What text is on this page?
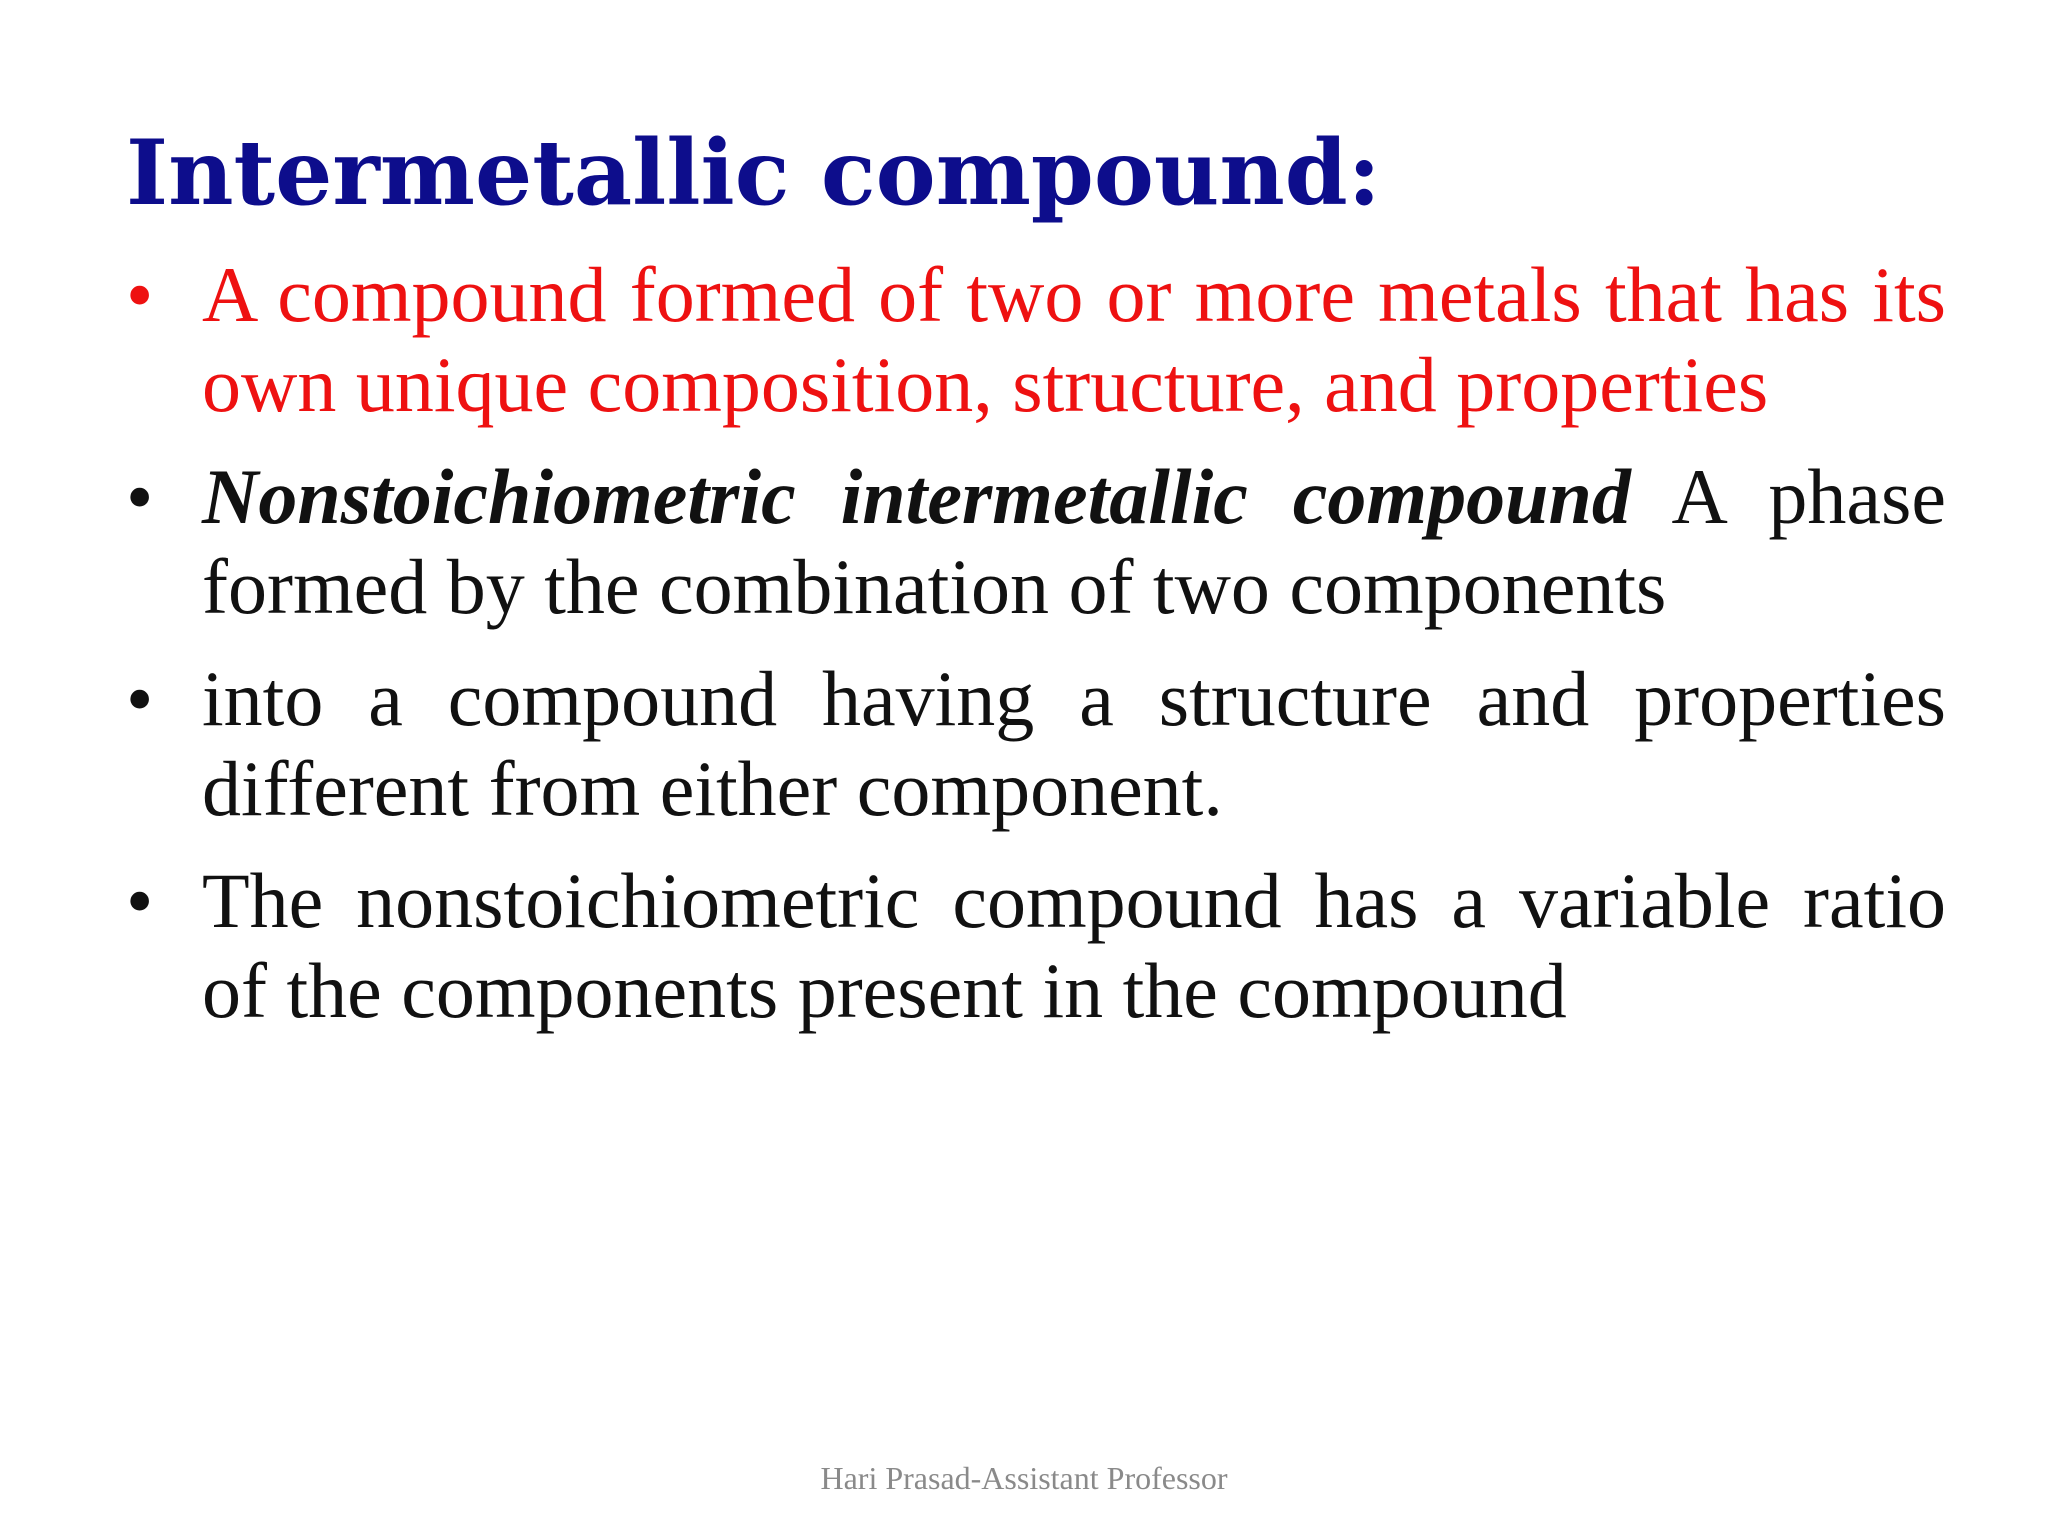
Intermetallic compound:
• A compound formed of two or more metals that has its own unique composition, structure, and properties
• Nonstoichiometric intermetallic compound A phase formed by the combination of two components
• into a compound having a structure and properties different from either component.
• The nonstoichiometric compound has a variable ratio of the components present in the compound
Hari Prasad-Assistant Professor
